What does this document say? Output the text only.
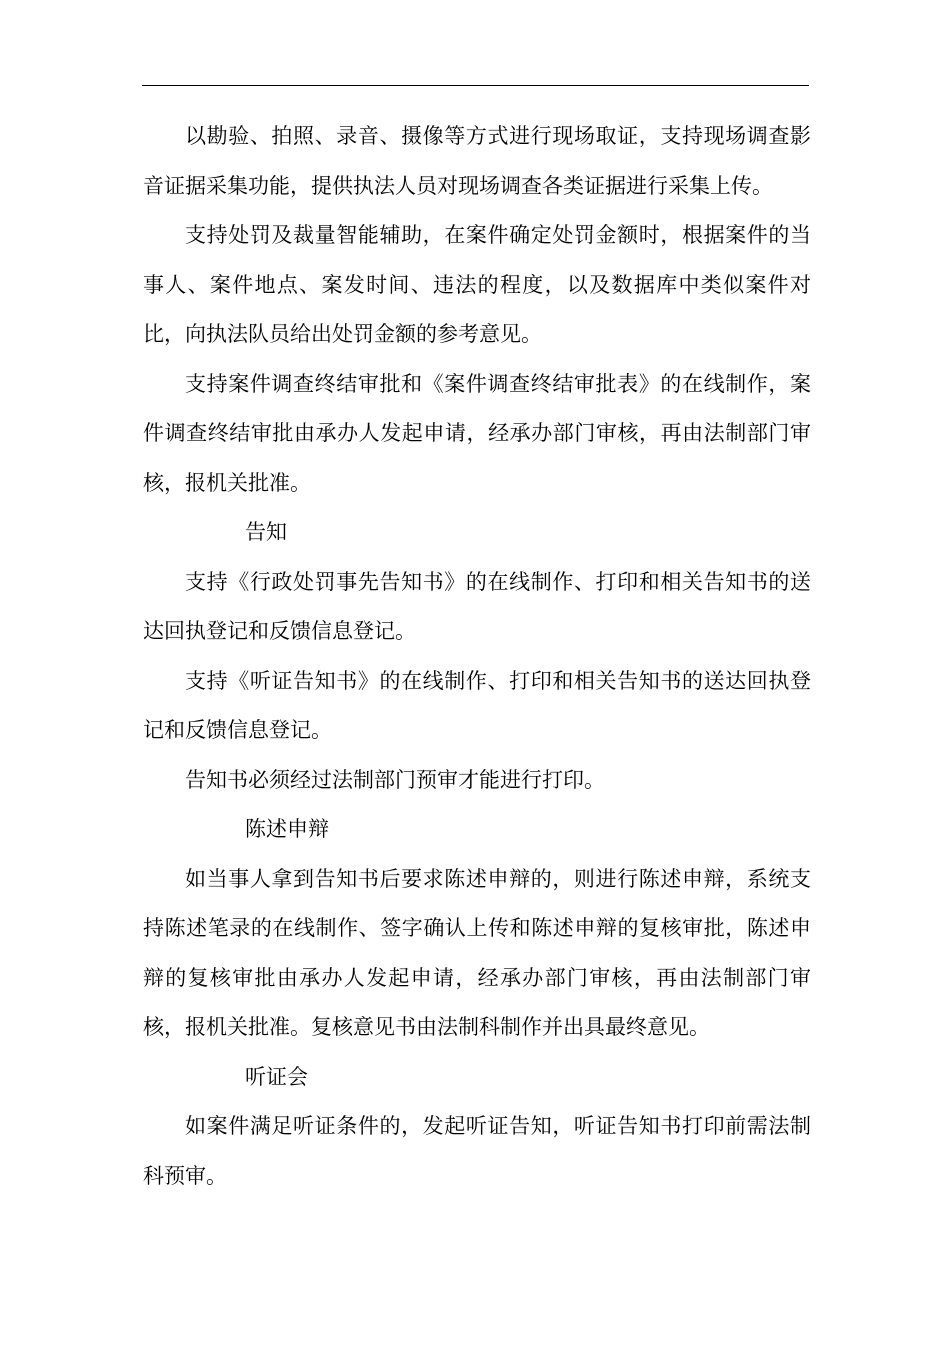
以勘验、拍照、录音、摄像等方式进行现场取证，支持现场调查影音证据采集功能，提供执法人员对现场调查各类证据进行采集上传。

支持处罚及裁量智能辅助，在案件确定处罚金额时，根据案件的当事人、案件地点、案发时间、违法的程度，以及数据库中类似案件对比，向执法队员给出处罚金额的参考意见。

支持案件调查终结审批和《案件调查终结审批表》的在线制作，案件调查终结审批由承办人发起申请，经承办部门审核，再由法制部门审核，报机关批准。

告知

支持《行政处罚事先告知书》的在线制作、打印和相关告知书的送达回执登记和反馈信息登记。

支持《听证告知书》的在线制作、打印和相关告知书的送达回执登记和反馈信息登记。

告知书必须经过法制部门预审才能进行打印。

陈述申辩

如当事人拿到告知书后要求陈述申辩的，则进行陈述申辩，系统支持陈述笔录的在线制作、签字确认上传和陈述申辩的复核审批，陈述申辩的复核审批由承办人发起申请，经承办部门审核，再由法制部门审核，报机关批准。复核意见书由法制科制作并出具最终意见。

听证会

如案件满足听证条件的，发起听证告知，听证告知书打印前需法制科预审。
